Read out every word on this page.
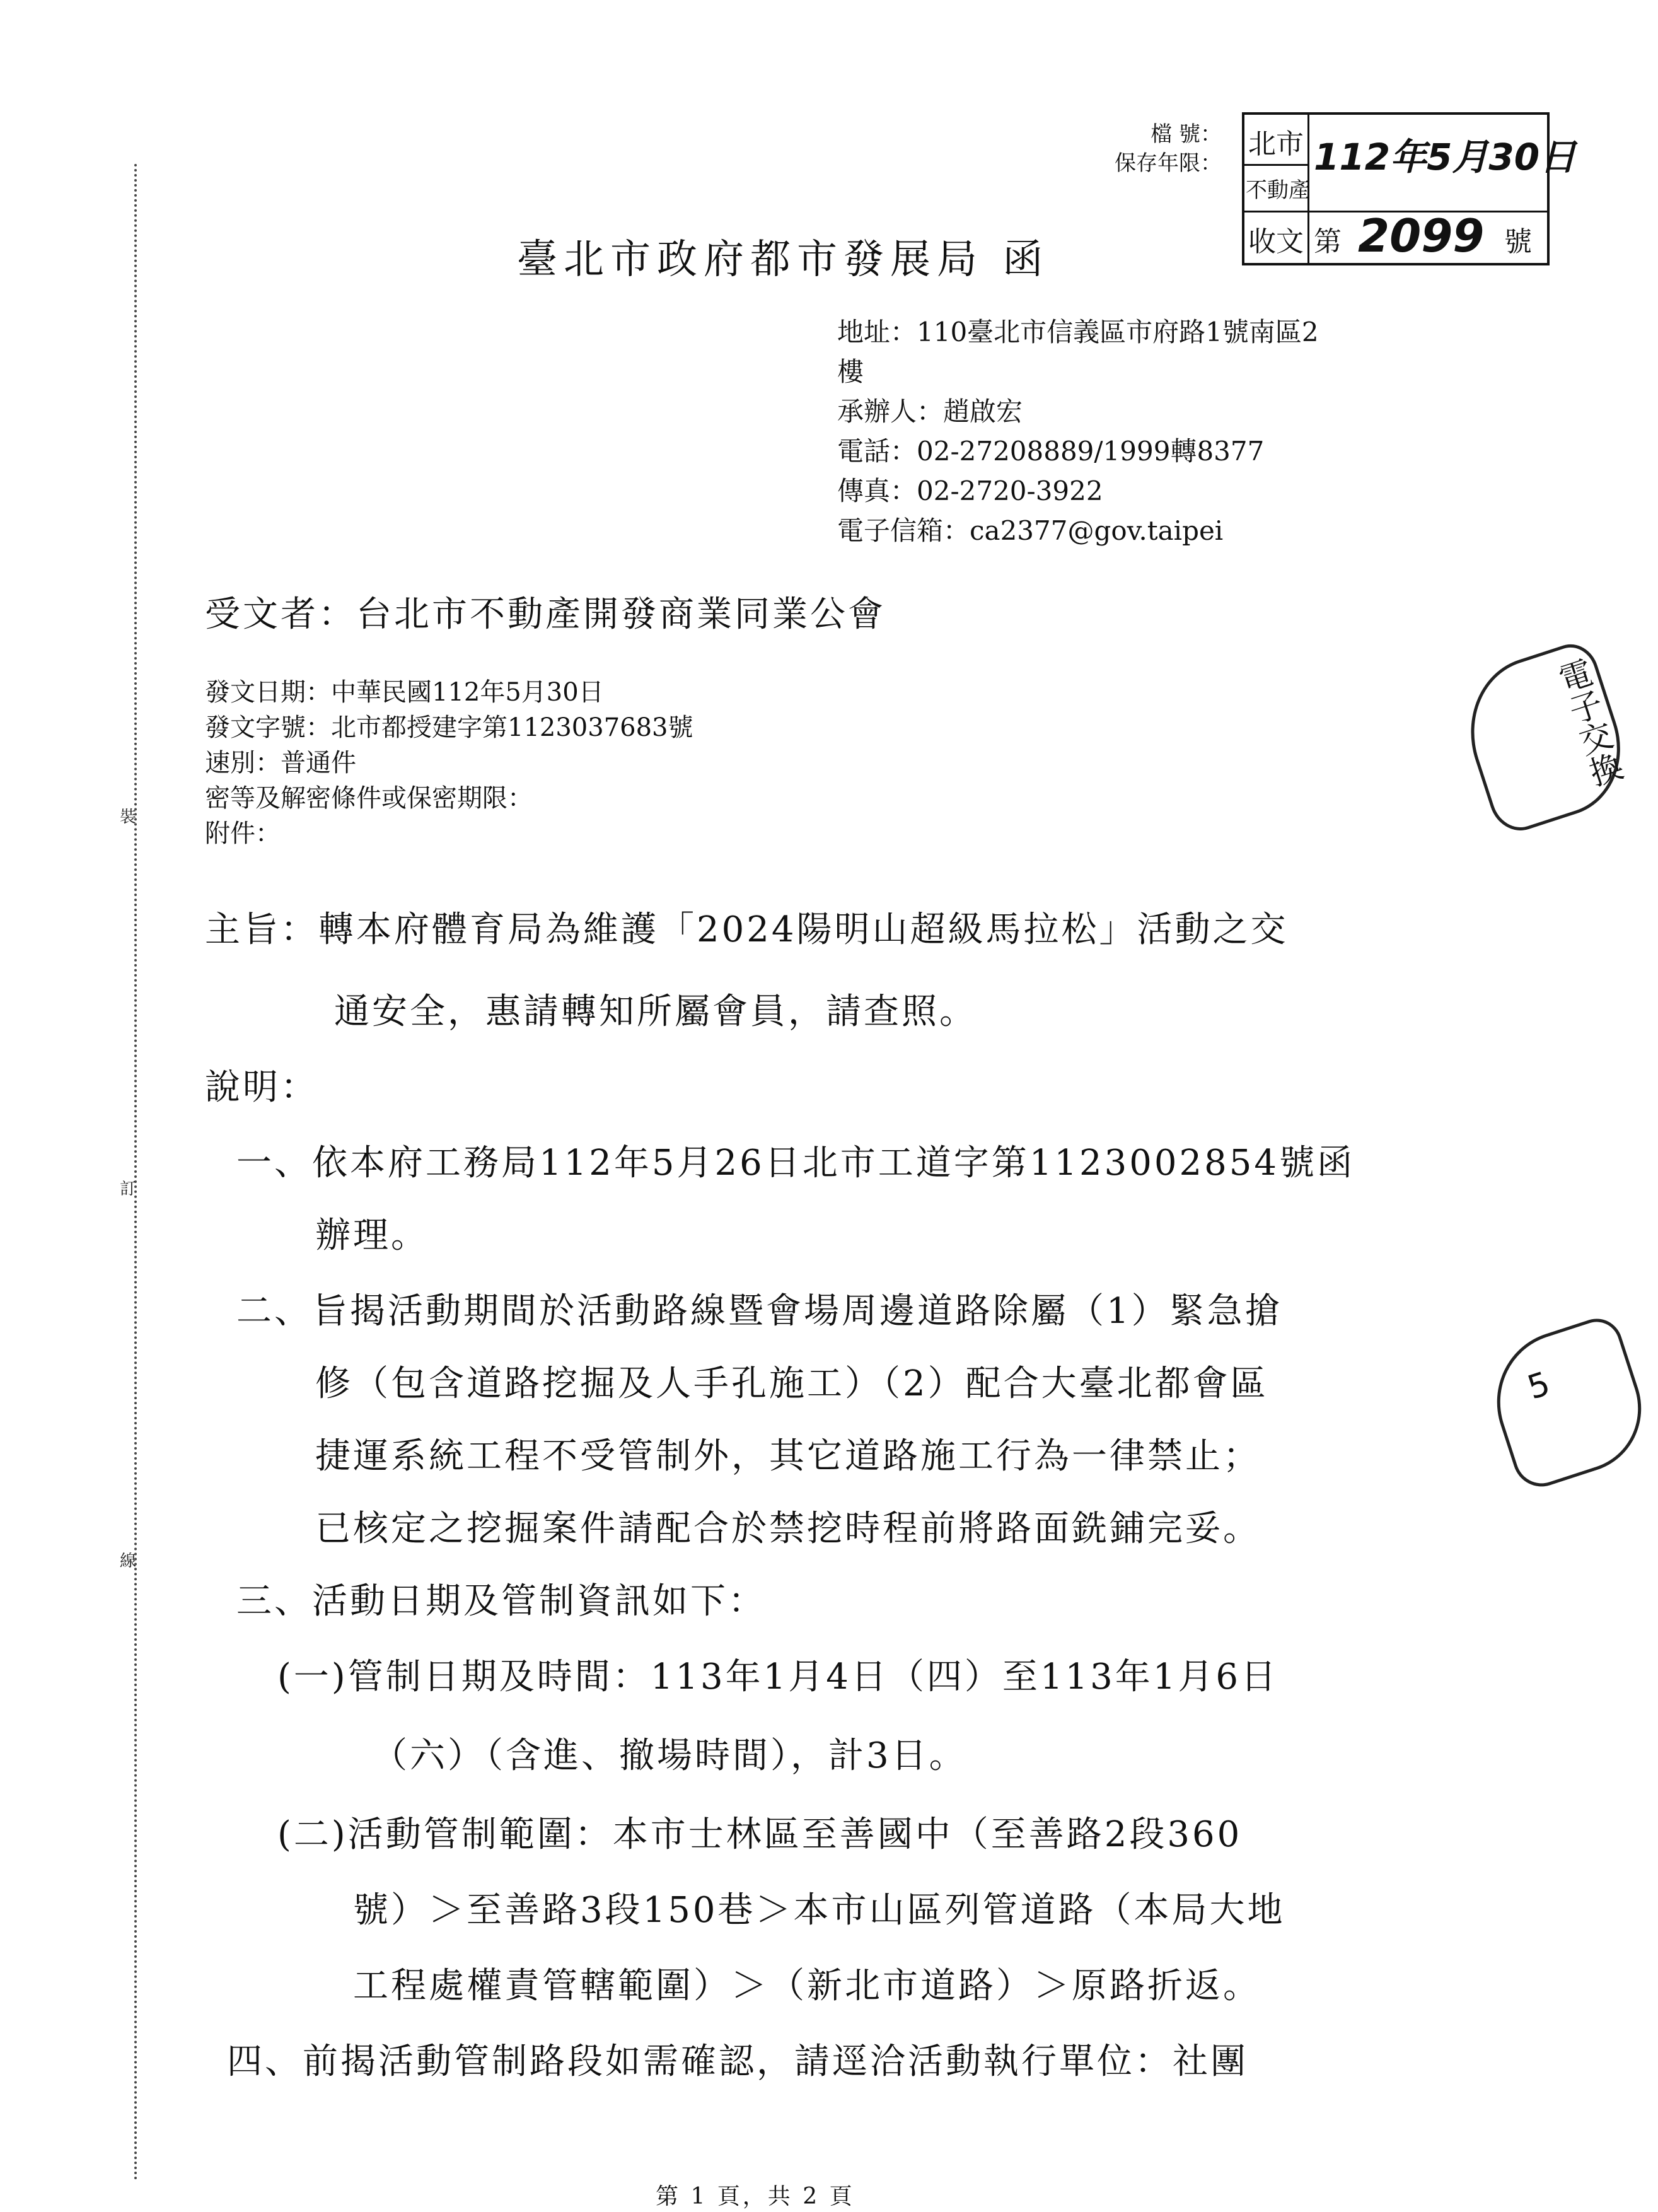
裝
訂
線
檔 號：
保存年限：
北市
不動產
收文
112年5月30日
第 2099 號
臺北市政府都市發展局 函
地址：110臺北市信義區市府路1號南區2
樓
承辦人：趙啟宏
電話：02-27208889/1999轉8377
傳真：02-2720-3922
電子信箱：ca2377@gov.taipei
受文者：台北市不動產開發商業同業公會
發文日期：中華民國112年5月30日
發文字號：北市都授建字第1123037683號
速別：普通件
密等及解密條件或保密期限：
附件：
主旨：轉本府體育局為維護「2024陽明山超級馬拉松」活動之交
通安全，惠請轉知所屬會員，請查照。
說明：
一、依本府工務局112年5月26日北市工道字第1123002854號函
辦理。
二、旨揭活動期間於活動路線暨會場周邊道路除屬（1）緊急搶
修（包含道路挖掘及人手孔施工）（2）配合大臺北都會區
捷運系統工程不受管制外，其它道路施工行為一律禁止；
已核定之挖掘案件請配合於禁挖時程前將路面銑鋪完妥。
三、活動日期及管制資訊如下：
(一)管制日期及時間：113年1月4日（四）至113年1月6日
（六）（含進、撤場時間），計3日。
(二)活動管制範圍：本市士林區至善國中（至善路2段360
號）＞至善路3段150巷＞本市山區列管道路（本局大地
工程處權責管轄範圍）＞（新北市道路）＞原路折返。
四、前揭活動管制路段如需確認，請逕洽活動執行單位：社團
電子交換
5
第 1 頁，共 2 頁
